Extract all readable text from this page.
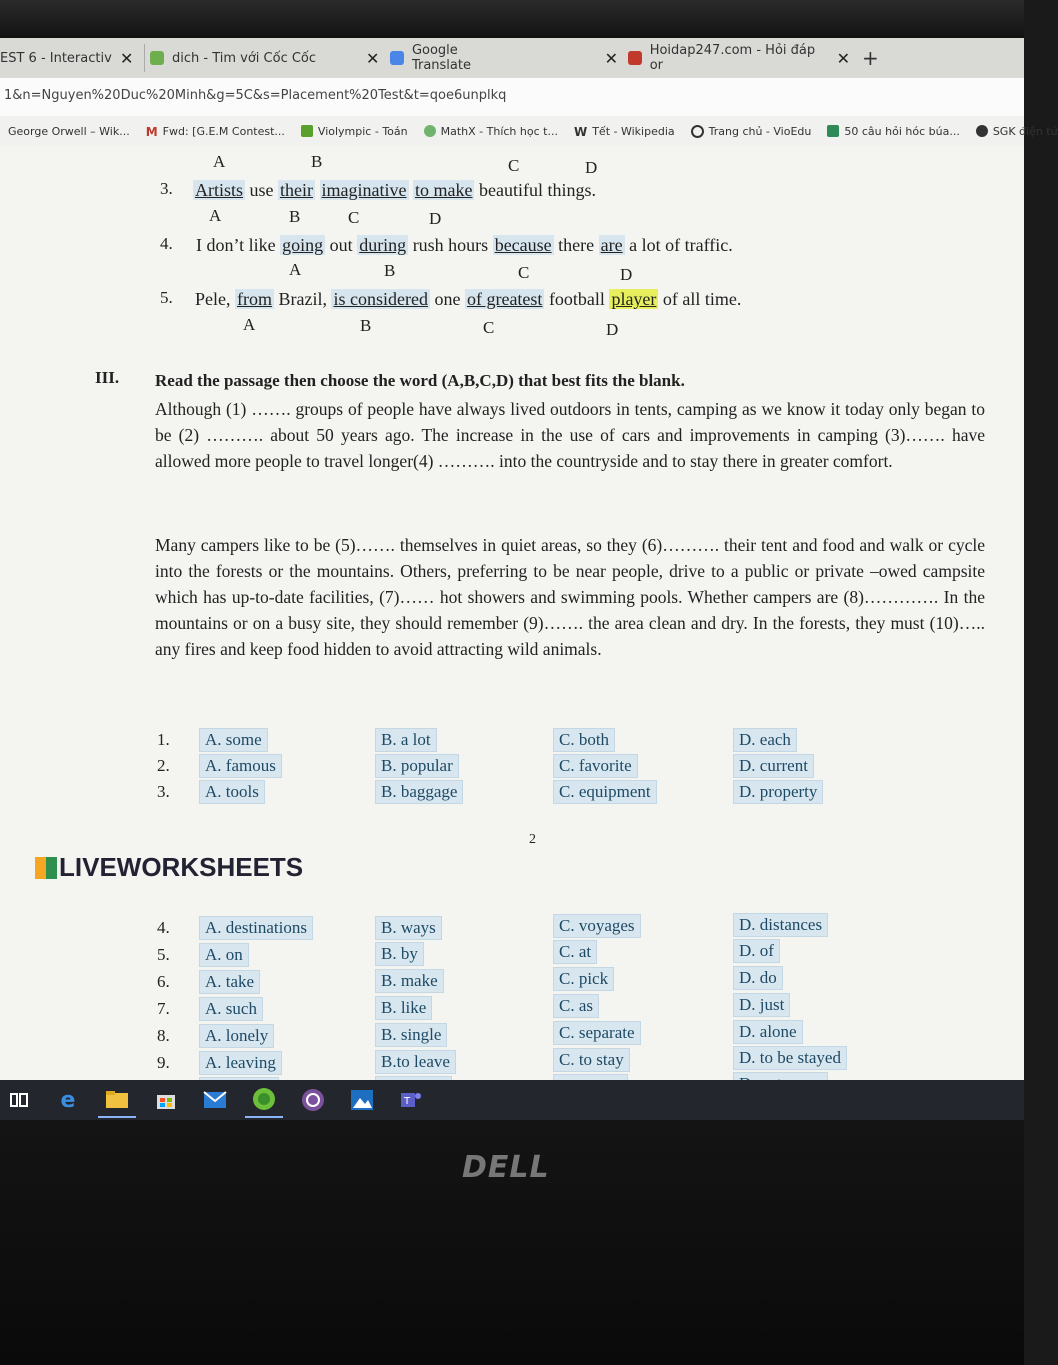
EST 6 - Interactiv ✕	dich - Tim với Cốc Cốc	✕	Google Translate	✕ Hoidap247.com - Hỏi đáp or	✕ +
1&n=Nguyen%20Duc%20Minh&g=5C&s=Placement%20Test&t=qoe6unplkq
George Orwell – Wik... M Fwd: [G.E.M Contest...	Violympic - Toán	MathX - Thích học t... W Tết - Wikipedia	Trang chủ - VioEdu	50 câu hỏi hóc búa...	SGK điện tử
A	B	C	D
3. Artists use their imaginative to make beautiful things.
A	B	C	D
4. I don’t like going out during rush hours because there are a lot of traffic.
A	B	C	D
5. Pele, from Brazil, is considered one of greatest football player of all time.
A	B	C	D
III. Read the passage then choose the word (A,B,C,D) that best fits the blank.
Although (1) ……. groups of people have always lived outdoors in tents, camping as we know it today only began to be (2) ………. about 50 years ago. The increase in the use of cars and improvements in camping (3)……. have allowed more people to travel longer(4) ………. into the countryside and to stay there in greater comfort.
Many campers like to be (5)……. themselves in quiet areas, so they (6)………. their tent and food and walk or cycle into the forests or the mountains. Others, preferring to be near people, drive to a public or private –owed campsite which has up-to-date facilities, (7)…… hot showers and swimming pools. Whether campers are (8)…………. In the mountains or on a busy site, they should remember (9)……. the area clean and dry. In the forests, they must (10)….. any fires and keep food hidden to avoid attracting wild animals.
1.	A. some	B. a lot	C. both	D. each
2.	A. famous	B. popular	C. favorite	D. current
3.	A. tools	B. baggage	C. equipment	D. property
2
LIVEWORKSHEETS
4.	A. destinations	B. ways	C. voyages	D. distances
5.	A. on	B. by	C. at	D. of
6.	A. take	B. make	C. pick	D. do
7.	A. such	B. like	C. as	D. just
8.	A. lonely	B. single	C. separate	D. alone
9.	A. leaving	B.to leave	C. to stay	D. to be stayed
e	T
DELL
